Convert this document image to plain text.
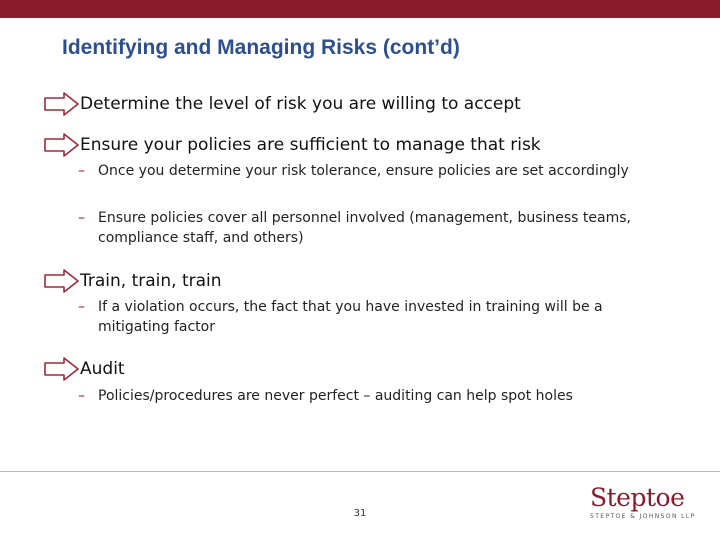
Identifying and Managing Risks (cont’d)
Determine the level of risk you are willing to accept
Ensure your policies are sufficient to manage that risk
– Once you determine your risk tolerance, ensure policies are set accordingly
– Ensure policies cover all personnel involved (management, business teams, compliance staff, and others)
Train, train, train
– If a violation occurs, the fact that you have invested in training will be a mitigating factor
Audit
– Policies/procedures are never perfect – auditing can help spot holes
31
Steptoe
STEPTOE & JOHNSON LLP
